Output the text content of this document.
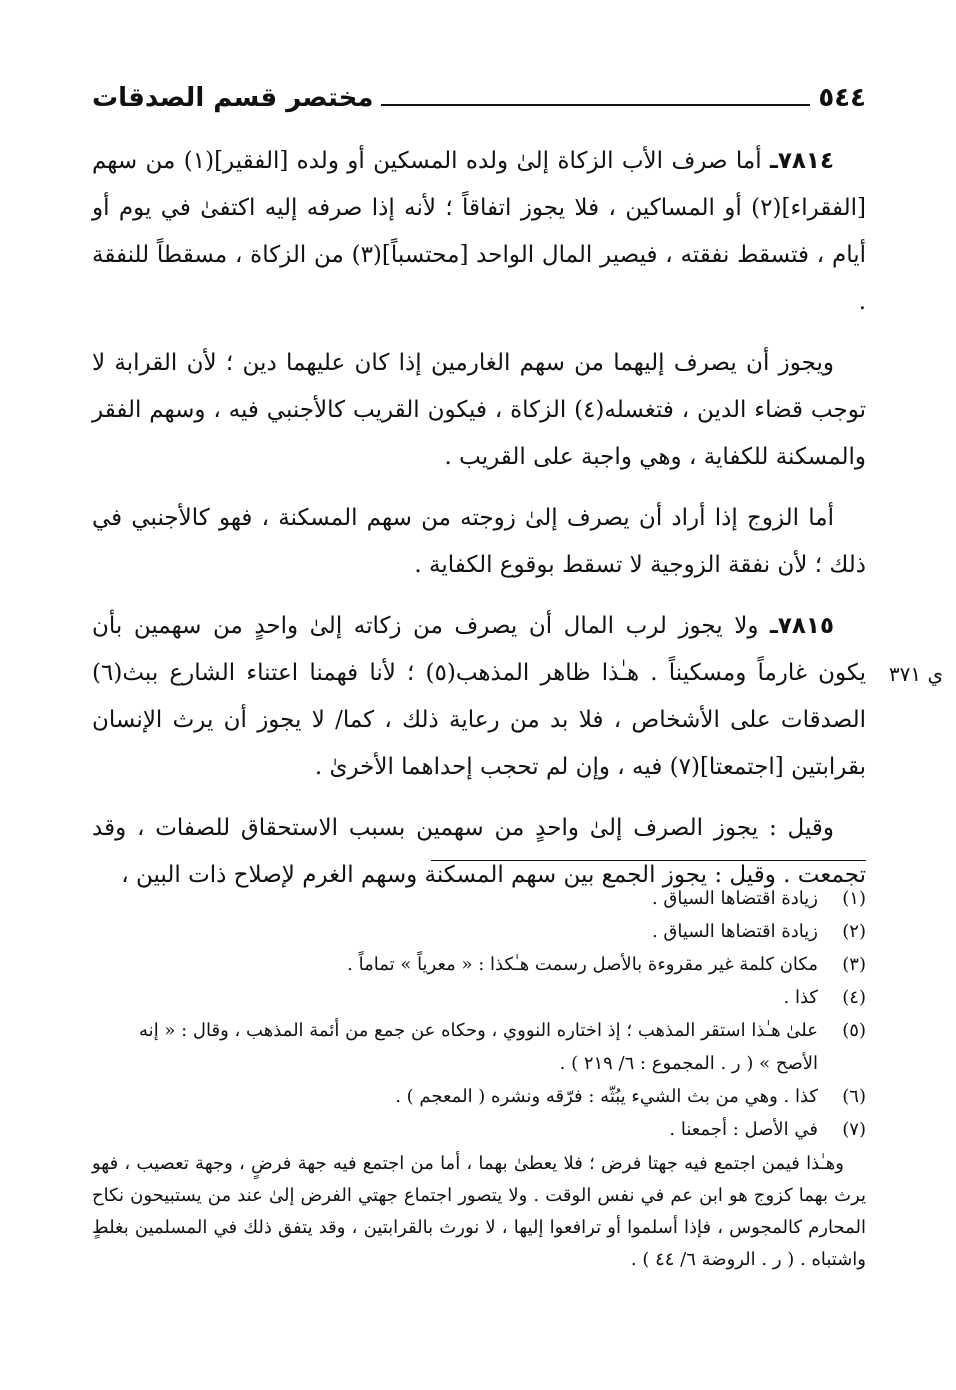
٥٤٤
مختصر قسم الصدقات
ي ٣٧١

٧٨١٤ـ أما صرف الأب الزكاة إلىٰ ولده المسكين أو ولده [الفقير](١) من سهم [الفقراء](٢) أو المساكين ، فلا يجوز اتفاقاً ؛ لأنه إذا صرفه إليه اكتفىٰ في يوم أو أيام ، فتسقط نفقته ، فيصير المال الواحد [محتسباً](٣) من الزكاة ، مسقطاً للنفقة .

ويجوز أن يصرف إليهما من سهم الغارمين إذا كان عليهما دين ؛ لأن القرابة لا توجب قضاء الدين ، فتغسله(٤) الزكاة ، فيكون القريب كالأجنبي فيه ، وسهم الفقر والمسكنة للكفاية ، وهي واجبة على القريب .

أما الزوج إذا أراد أن يصرف إلىٰ زوجته من سهم المسكنة ، فهو كالأجنبي في ذلك ؛ لأن نفقة الزوجية لا تسقط بوقوع الكفاية .

٧٨١٥ـ ولا يجوز لرب المال أن يصرف من زكاته إلىٰ واحدٍ من سهمين بأن يكون غارماً ومسكيناً . هـٰذا ظاهر المذهب(٥) ؛ لأنا فهمنا اعتناء الشارع ببث(٦) الصدقات على الأشخاص ، فلا بد من رعاية ذلك ، كما/ لا يجوز أن يرث الإنسان بقرابتين [اجتمعتا](٧) فيه ، وإن لم تحجب إحداهما الأخرىٰ .

وقيل : يجوز الصرف إلىٰ واحدٍ من سهمين بسبب الاستحقاق للصفات ، وقد تجمعت . وقيل : يجوز الجمع بين سهم المسكنة وسهم الغرم لإصلاح ذات البين ،

(١)
زيادة اقتضاها السياق .
(٢)
زيادة اقتضاها السياق .
(٣)
مكان كلمة غير مقروءة بالأصل رسمت هـٰكذا : « معرياً » تماماً .
(٤)
كذا .
(٥)
علىٰ هـٰذا استقر المذهب ؛ إذ اختاره النووي ، وحكاه عن جمع من أئمة المذهب ، وقال : « إنه الأصح » ( ر . المجموع : ٦/ ٢١٩ ) .
(٦)
كذا . وهي من بث الشيء يبُثّه : فرّقه ونشره ( المعجم ) .
(٧)
في الأصل : أجمعنا .
وهـٰذا فيمن اجتمع فيه جهتا فرض ؛ فلا يعطىٰ بهما ، أما من اجتمع فيه جهة فرضٍ ، وجهة تعصيب ، فهو يرث بهما كزوج هو ابن عم في نفس الوقت . ولا يتصور اجتماع جهتي الفرض إلىٰ عند من يستبيحون نكاح المحارم كالمجوس ، فإذا أسلموا أو ترافعوا إليها ، لا نورث بالقرابتين ، وقد يتفق ذلك في المسلمين بغلطٍ واشتباه . ( ر . الروضة ٦/ ٤٤ ) .
